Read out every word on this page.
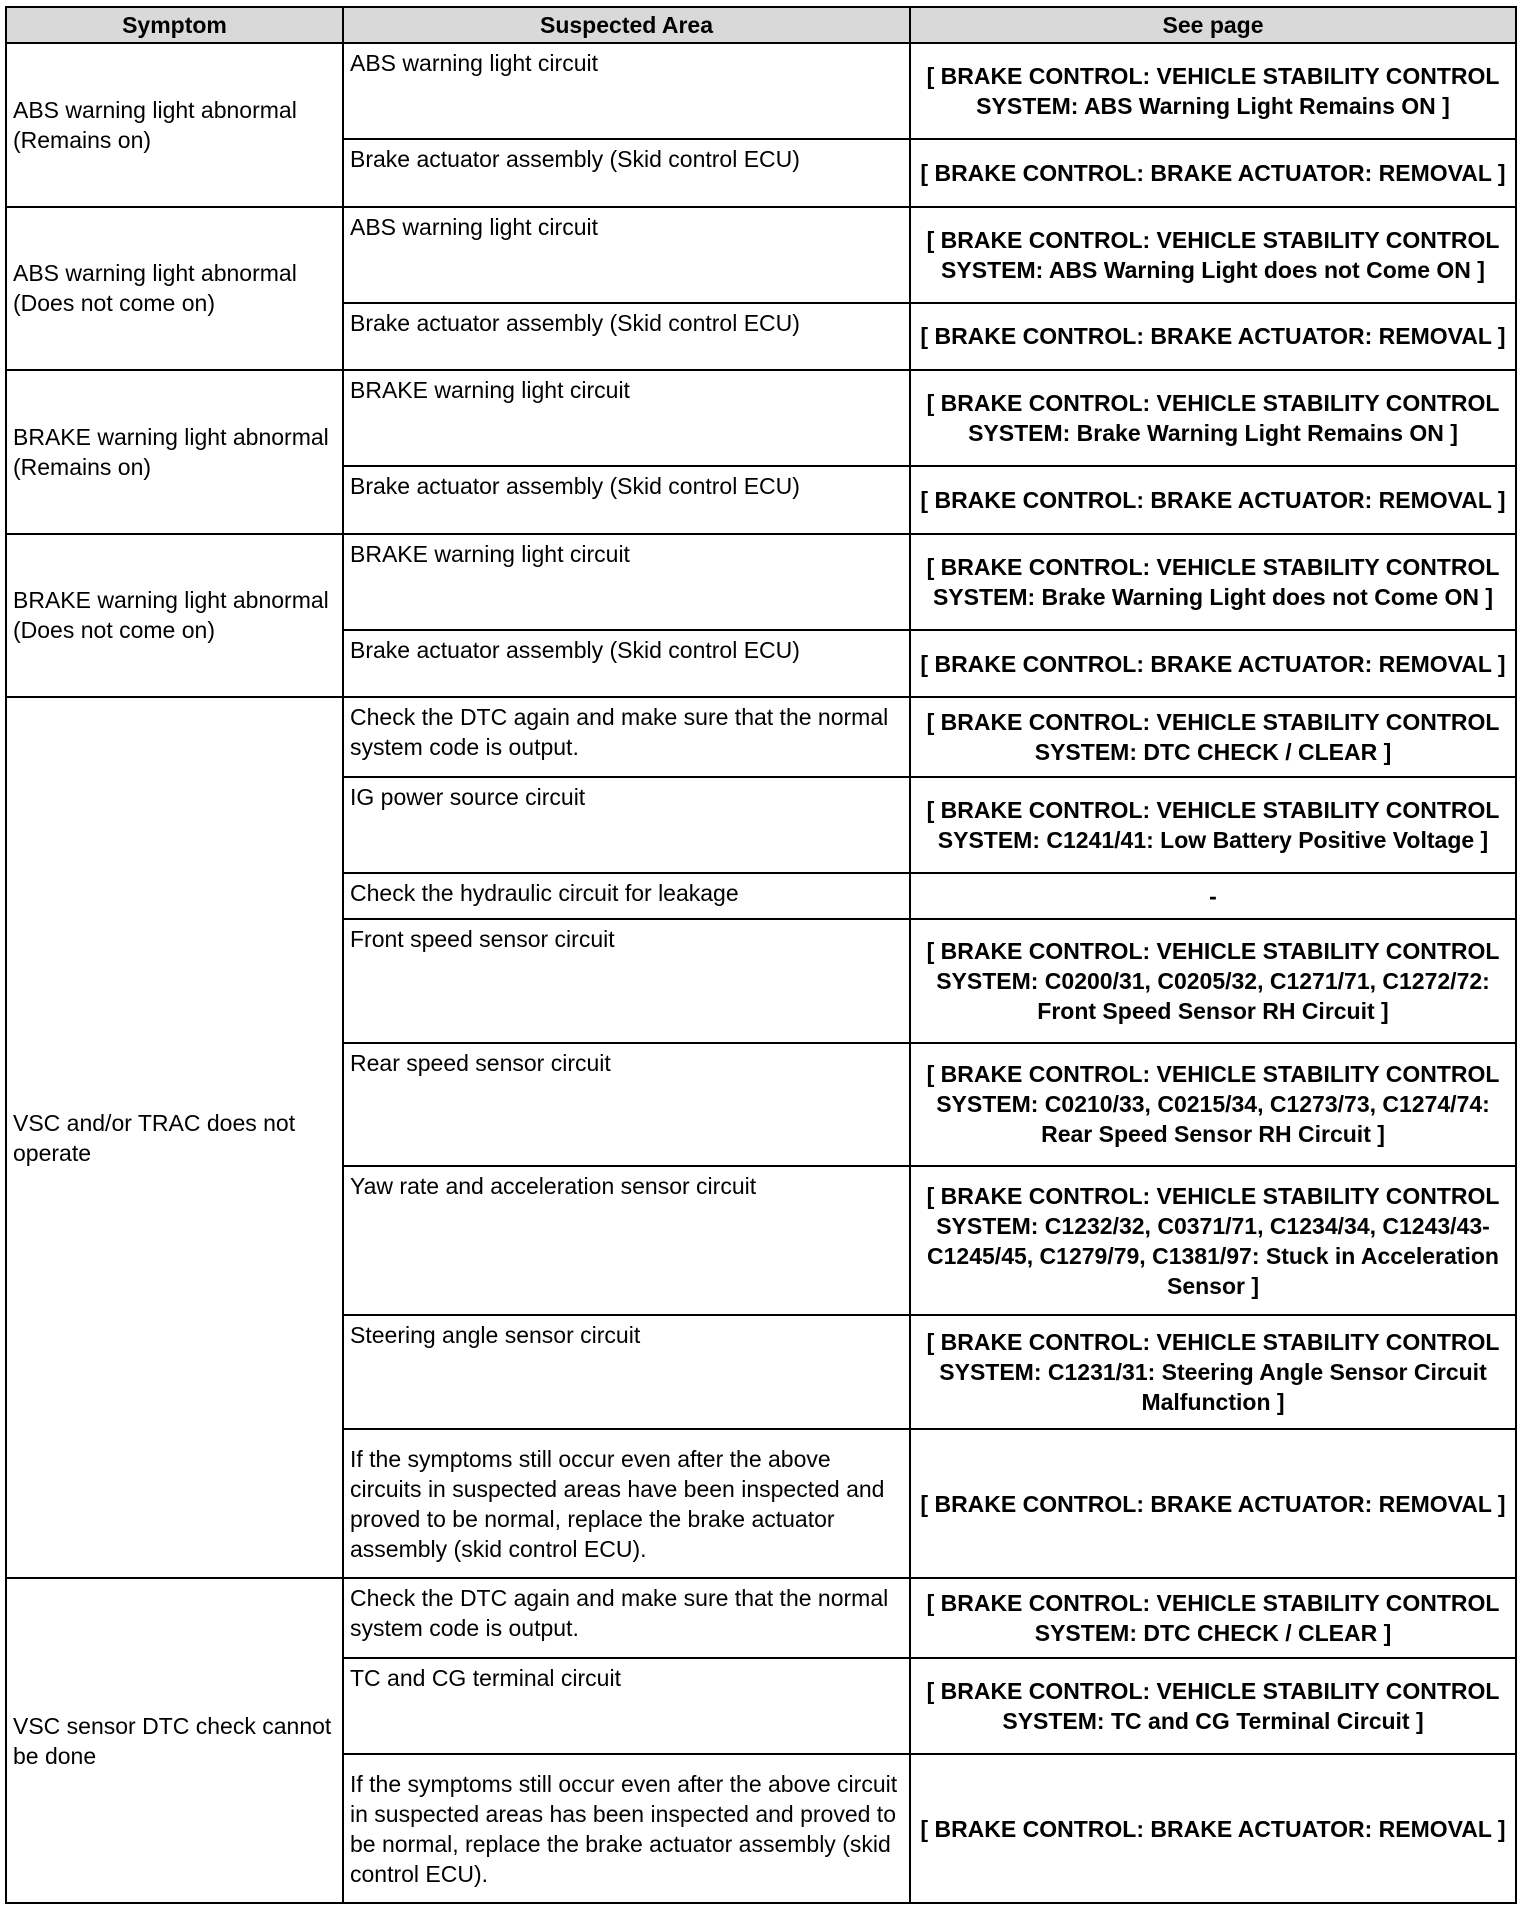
Symptom	Suspected Area	See page
ABS warning light abnormal (Remains on)	ABS warning light circuit	[ BRAKE CONTROL: VEHICLE STABILITY CONTROL SYSTEM: ABS Warning Light Remains ON ]
	Brake actuator assembly (Skid control ECU)	[ BRAKE CONTROL: BRAKE ACTUATOR: REMOVAL ]
ABS warning light abnormal (Does not come on)	ABS warning light circuit	[ BRAKE CONTROL: VEHICLE STABILITY CONTROL SYSTEM: ABS Warning Light does not Come ON ]
	Brake actuator assembly (Skid control ECU)	[ BRAKE CONTROL: BRAKE ACTUATOR: REMOVAL ]
BRAKE warning light abnormal (Remains on)	BRAKE warning light circuit	[ BRAKE CONTROL: VEHICLE STABILITY CONTROL SYSTEM: Brake Warning Light Remains ON ]
	Brake actuator assembly (Skid control ECU)	[ BRAKE CONTROL: BRAKE ACTUATOR: REMOVAL ]
BRAKE warning light abnormal (Does not come on)	BRAKE warning light circuit	[ BRAKE CONTROL: VEHICLE STABILITY CONTROL SYSTEM: Brake Warning Light does not Come ON ]
	Brake actuator assembly (Skid control ECU)	[ BRAKE CONTROL: BRAKE ACTUATOR: REMOVAL ]
VSC and/or TRAC does not operate	Check the DTC again and make sure that the normal system code is output.	[ BRAKE CONTROL: VEHICLE STABILITY CONTROL SYSTEM: DTC CHECK / CLEAR ]
	IG power source circuit	[ BRAKE CONTROL: VEHICLE STABILITY CONTROL SYSTEM: C1241/41: Low Battery Positive Voltage ]
	Check the hydraulic circuit for leakage	-
	Front speed sensor circuit	[ BRAKE CONTROL: VEHICLE STABILITY CONTROL SYSTEM: C0200/31, C0205/32, C1271/71, C1272/72: Front Speed Sensor RH Circuit ]
	Rear speed sensor circuit	[ BRAKE CONTROL: VEHICLE STABILITY CONTROL SYSTEM: C0210/33, C0215/34, C1273/73, C1274/74: Rear Speed Sensor RH Circuit ]
	Yaw rate and acceleration sensor circuit	[ BRAKE CONTROL: VEHICLE STABILITY CONTROL SYSTEM: C1232/32, C0371/71, C1234/34, C1243/43-C1245/45, C1279/79, C1381/97: Stuck in Acceleration Sensor ]
	Steering angle sensor circuit	[ BRAKE CONTROL: VEHICLE STABILITY CONTROL SYSTEM: C1231/31: Steering Angle Sensor Circuit Malfunction ]
	If the symptoms still occur even after the above circuits in suspected areas have been inspected and proved to be normal, replace the brake actuator assembly (skid control ECU).	[ BRAKE CONTROL: BRAKE ACTUATOR: REMOVAL ]
VSC sensor DTC check cannot be done	Check the DTC again and make sure that the normal system code is output.	[ BRAKE CONTROL: VEHICLE STABILITY CONTROL SYSTEM: DTC CHECK / CLEAR ]
	TC and CG terminal circuit	[ BRAKE CONTROL: VEHICLE STABILITY CONTROL SYSTEM: TC and CG Terminal Circuit ]
	If the symptoms still occur even after the above circuit in suspected areas has been inspected and proved to be normal, replace the brake actuator assembly (skid control ECU).	[ BRAKE CONTROL: BRAKE ACTUATOR: REMOVAL ]
